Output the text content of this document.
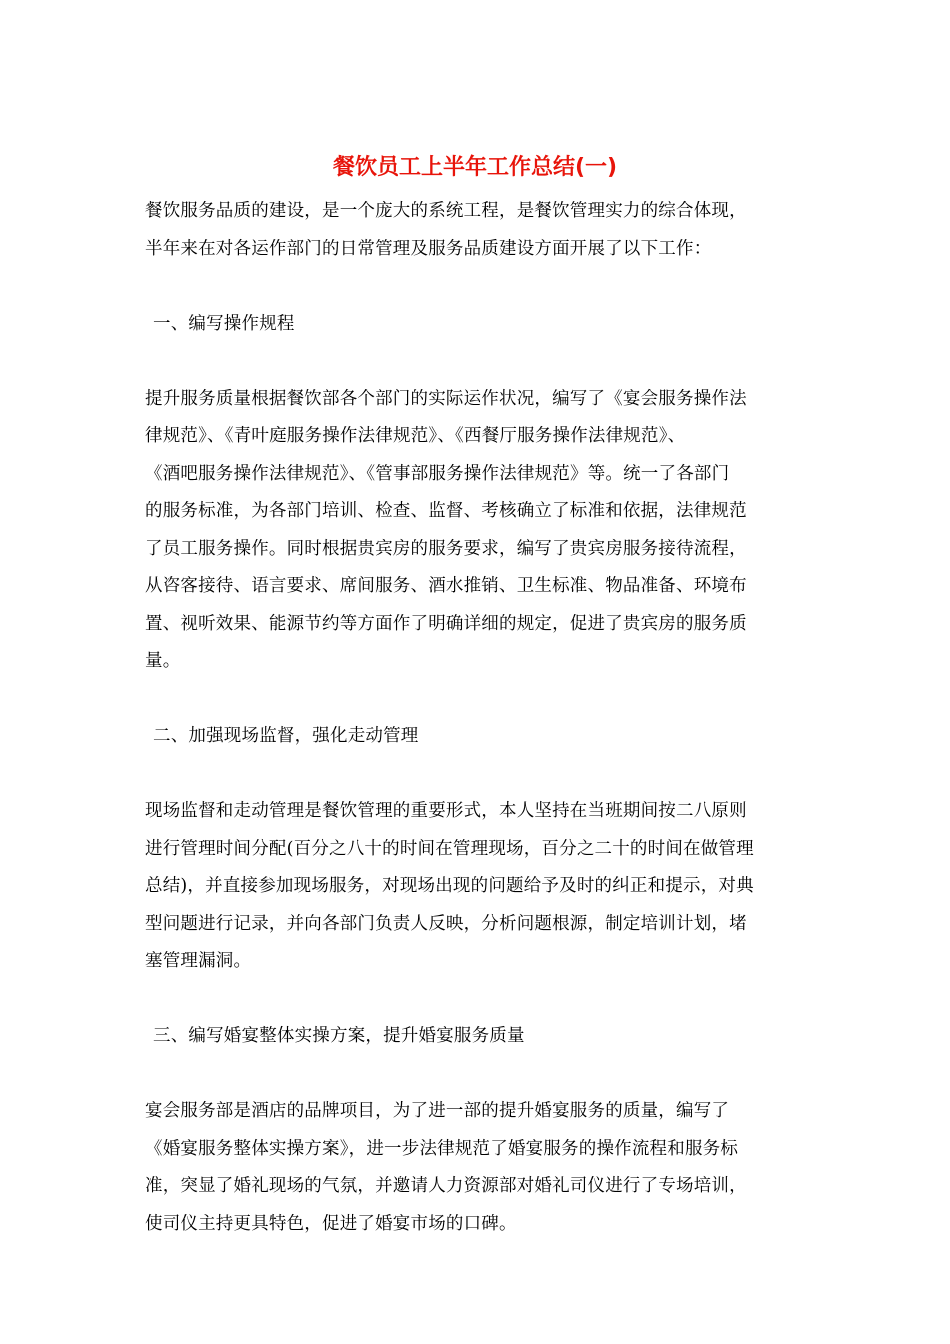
餐饮员工上半年工作总结(一)

餐饮服务品质的建设，是一个庞大的系统工程，是餐饮管理实力的综合体现，
半年来在对各运作部门的日常管理及服务品质建设方面开展了以下工作：

一、编写操作规程

提升服务质量根据餐饮部各个部门的实际运作状况，编写了《宴会服务操作法
律规范》、《青叶庭服务操作法律规范》、《西餐厅服务操作法律规范》、
《酒吧服务操作法律规范》、《管事部服务操作法律规范》等。统一了各部门
的服务标准，为各部门培训、检查、监督、考核确立了标准和依据，法律规范
了员工服务操作。同时根据贵宾房的服务要求，编写了贵宾房服务接待流程，
从咨客接待、语言要求、席间服务、酒水推销、卫生标准、物品准备、环境布
置、视听效果、能源节约等方面作了明确详细的规定，促进了贵宾房的服务质
量。

二、加强现场监督，强化走动管理

现场监督和走动管理是餐饮管理的重要形式，本人坚持在当班期间按二八原则
进行管理时间分配(百分之八十的时间在管理现场，百分之二十的时间在做管理
总结)，并直接参加现场服务，对现场出现的问题给予及时的纠正和提示，对典
型问题进行记录，并向各部门负责人反映，分析问题根源，制定培训计划，堵
塞管理漏洞。

三、编写婚宴整体实操方案，提升婚宴服务质量

宴会服务部是酒店的品牌项目，为了进一部的提升婚宴服务的质量，编写了
《婚宴服务整体实操方案》，进一步法律规范了婚宴服务的操作流程和服务标
准，突显了婚礼现场的气氛，并邀请人力资源部对婚礼司仪进行了专场培训，
使司仪主持更具特色，促进了婚宴市场的口碑。
